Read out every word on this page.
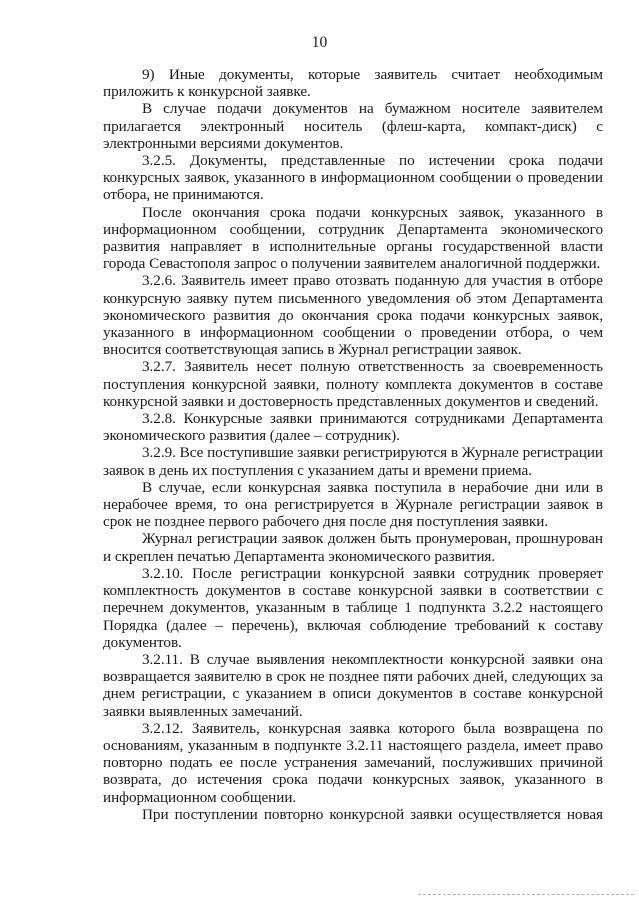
10

9) Иные документы, которые заявитель считает необходимым приложить к конкурсной заявке.

В случае подачи документов на бумажном носителе заявителем прилагается электронный носитель (флеш-карта, компакт-диск) с электронными версиями документов.

3.2.5. Документы, представленные по истечении срока подачи конкурсных заявок, указанного в информационном сообщении о проведении отбора, не принимаются.

После окончания срока подачи конкурсных заявок, указанного в информационном сообщении, сотрудник Департамента экономического развития направляет в исполнительные органы государственной власти города Севастополя запрос о получении заявителем аналогичной поддержки.

3.2.6. Заявитель имеет право отозвать поданную для участия в отборе конкурсную заявку путем письменного уведомления об этом Департамента экономического развития до окончания срока подачи конкурсных заявок, указанного в информационном сообщении о проведении отбора, о чем вносится соответствующая запись в Журнал регистрации заявок.

3.2.7. Заявитель несет полную ответственность за своевременность поступления конкурсной заявки, полноту комплекта документов в составе конкурсной заявки и достоверность представленных документов и сведений.

3.2.8. Конкурсные заявки принимаются сотрудниками Департамента экономического развития (далее – сотрудник).

3.2.9. Все поступившие заявки регистрируются в Журнале регистрации заявок в день их поступления с указанием даты и времени приема.

В случае, если конкурсная заявка поступила в нерабочие дни или в нерабочее время, то она регистрируется в Журнале регистрации заявок в срок не позднее первого рабочего дня после дня поступления заявки.

Журнал регистрации заявок должен быть пронумерован, прошнурован и скреплен печатью Департамента экономического развития.

3.2.10. После регистрации конкурсной заявки сотрудник проверяет комплектность документов в составе конкурсной заявки в соответствии с перечнем документов, указанным в таблице 1 подпункта 3.2.2 настоящего Порядка (далее – перечень), включая соблюдение требований к составу документов.

3.2.11. В случае выявления некомплектности конкурсной заявки она возвращается заявителю в срок не позднее пяти рабочих дней, следующих за днем регистрации, с указанием в описи документов в составе конкурсной заявки выявленных замечаний.

3.2.12. Заявитель, конкурсная заявка которого была возвращена по основаниям, указанным в подпункте 3.2.11 настоящего раздела, имеет право повторно подать ее после устранения замечаний, послуживших причиной возврата, до истечения срока подачи конкурсных заявок, указанного в информационном сообщении.

При поступлении повторно конкурсной заявки осуществляется новая
